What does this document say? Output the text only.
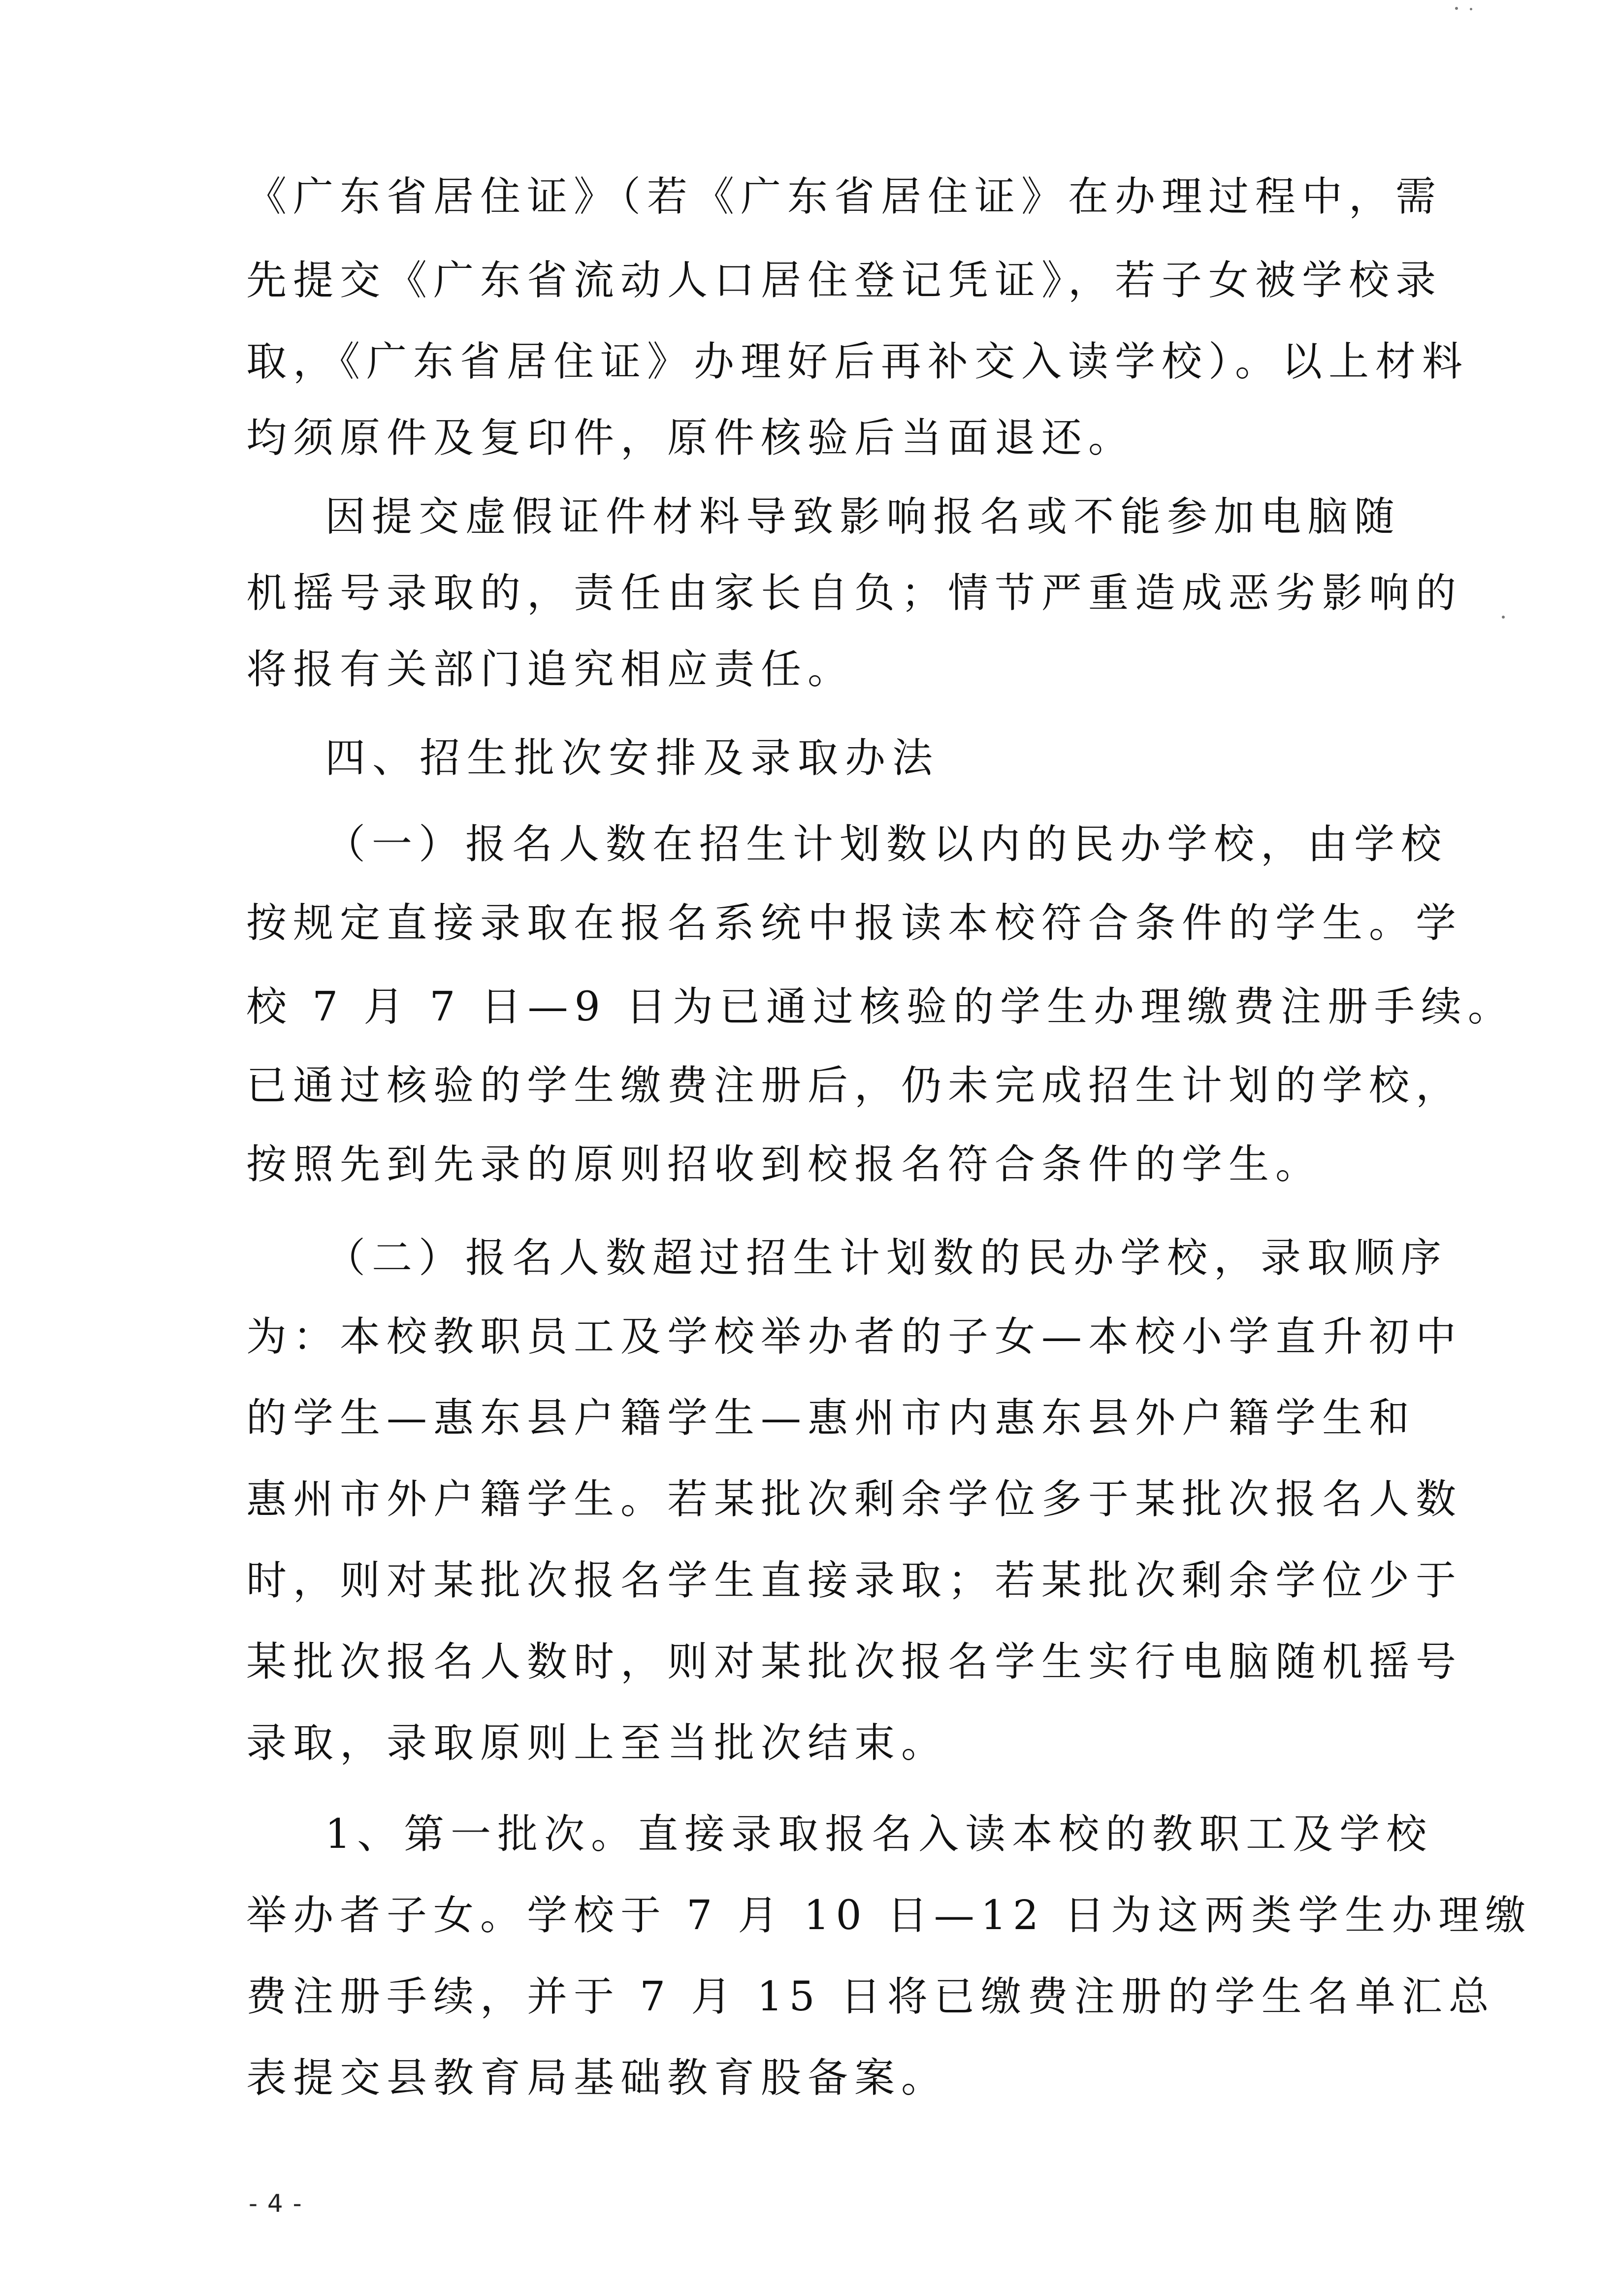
《广东省居住证》（若《广东省居住证》在办理过程中，需
先提交《广东省流动人口居住登记凭证》，若子女被学校录
取，《广东省居住证》办理好后再补交入读学校）。以上材料
均须原件及复印件，原件核验后当面退还。
因提交虚假证件材料导致影响报名或不能参加电脑随
机摇号录取的，责任由家长自负；情节严重造成恶劣影响的
将报有关部门追究相应责任。
四、招生批次安排及录取办法
（一）报名人数在招生计划数以内的民办学校，由学校
按规定直接录取在报名系统中报读本校符合条件的学生。学
校 7 月 7 日—9 日为已通过核验的学生办理缴费注册手续。
已通过核验的学生缴费注册后，仍未完成招生计划的学校，
按照先到先录的原则招收到校报名符合条件的学生。
（二）报名人数超过招生计划数的民办学校，录取顺序
为：本校教职员工及学校举办者的子女—本校小学直升初中
的学生—惠东县户籍学生—惠州市内惠东县外户籍学生和
惠州市外户籍学生。若某批次剩余学位多于某批次报名人数
时，则对某批次报名学生直接录取；若某批次剩余学位少于
某批次报名人数时，则对某批次报名学生实行电脑随机摇号
录取，录取原则上至当批次结束。
1、第一批次。直接录取报名入读本校的教职工及学校
举办者子女。学校于 7 月 10 日—12 日为这两类学生办理缴
费注册手续，并于 7 月 15 日将已缴费注册的学生名单汇总
表提交县教育局基础教育股备案。
- 4 -
